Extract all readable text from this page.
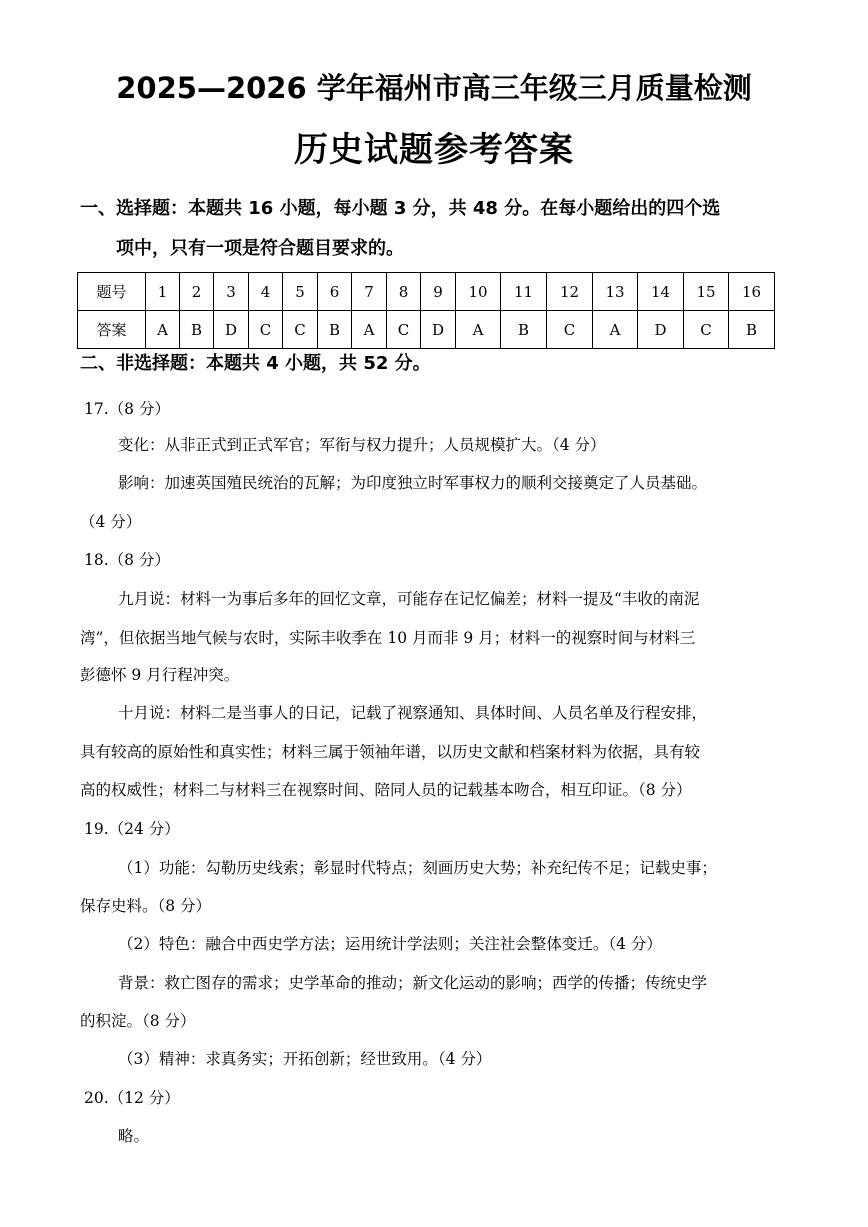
2025—2026 学年福州市高三年级三月质量检测
历史试题参考答案
一、选择题：本题共 16 小题，每小题 3 分，共 48 分。在每小题给出的四个选
项中，只有一项是符合题目要求的。
题号	1	2	3	4	5	6	7	8	9	10	11	12	13	14	15	16
答案	A	B	D	C	C	B	A	C	D	A	B	C	A	D	C	B
二、非选择题：本题共 4 小题，共 52 分。
17.（8 分）
变化：从非正式到正式军官；军衔与权力提升；人员规模扩大。（4 分）
影响：加速英国殖民统治的瓦解；为印度独立时军事权力的顺利交接奠定了人员基础。
（4 分）
18.（8 分）
九月说：材料一为事后多年的回忆文章，可能存在记忆偏差；材料一提及“丰收的南泥
湾”，但依据当地气候与农时，实际丰收季在 10 月而非 9 月；材料一的视察时间与材料三
彭德怀 9 月行程冲突。
十月说：材料二是当事人的日记，记载了视察通知、具体时间、人员名单及行程安排，
具有较高的原始性和真实性；材料三属于领袖年谱，以历史文献和档案材料为依据，具有较
高的权威性；材料二与材料三在视察时间、陪同人员的记载基本吻合，相互印证。（8 分）
19.（24 分）
（1）功能：勾勒历史线索；彰显时代特点；刻画历史大势；补充纪传不足；记载史事；
保存史料。（8 分）
（2）特色：融合中西史学方法；运用统计学法则；关注社会整体变迁。（4 分）
背景：救亡图存的需求；史学革命的推动；新文化运动的影响；西学的传播；传统史学
的积淀。（8 分）
（3）精神：求真务实；开拓创新；经世致用。（4 分）
20.（12 分）
略。
